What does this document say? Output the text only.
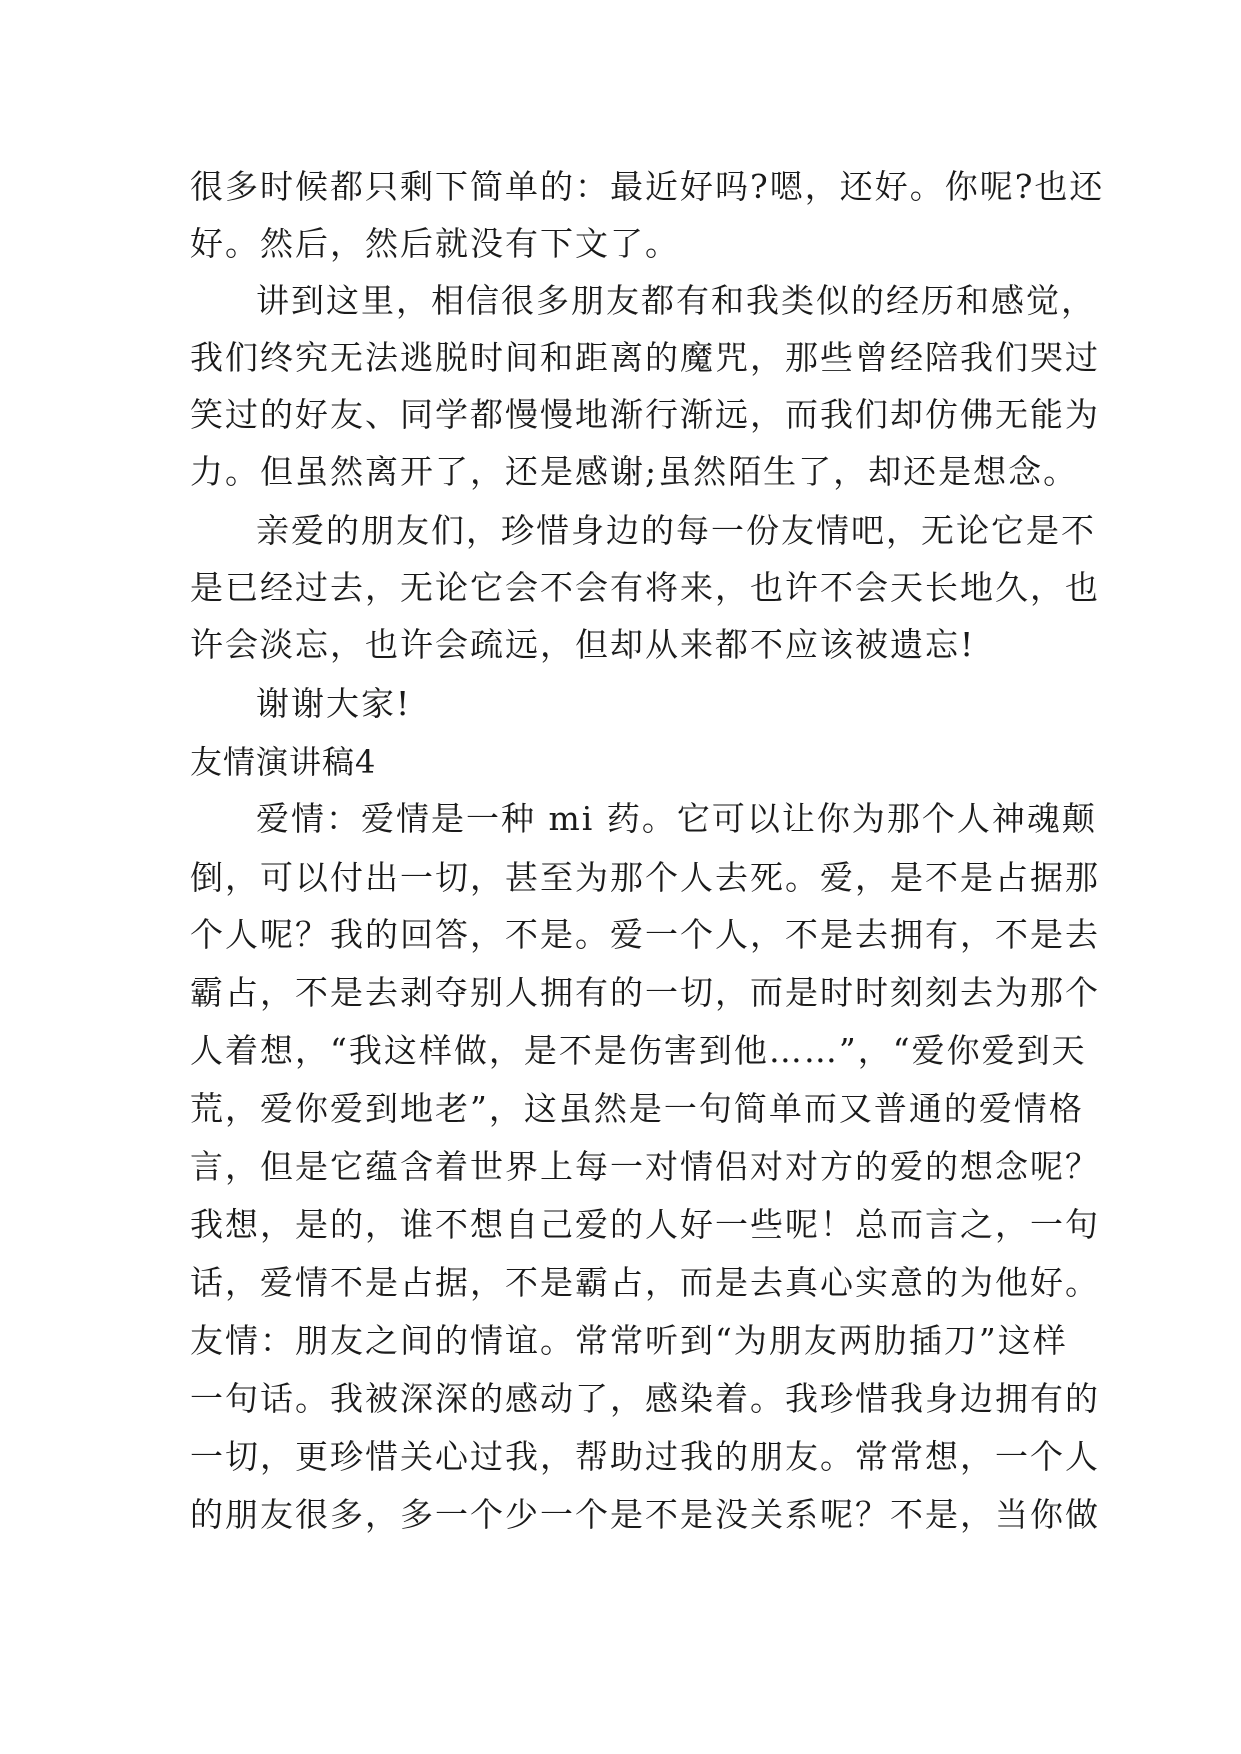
很多时候都只剩下简单的：最近好吗?嗯，还好。你呢?也还
好。然后，然后就没有下文了。
讲到这里，相信很多朋友都有和我类似的经历和感觉，
我们终究无法逃脱时间和距离的魔咒，那些曾经陪我们哭过
笑过的好友、同学都慢慢地渐行渐远，而我们却仿佛无能为
力。但虽然离开了，还是感谢;虽然陌生了，却还是想念。
亲爱的朋友们，珍惜身边的每一份友情吧，无论它是不
是已经过去，无论它会不会有将来，也许不会天长地久，也
许会淡忘，也许会疏远，但却从来都不应该被遗忘!
谢谢大家!
友情演讲稿4
爱情：爱情是一种 mi 药。它可以让你为那个人神魂颠
倒，可以付出一切，甚至为那个人去死。爱，是不是占据那
个人呢？我的回答，不是。爱一个人，不是去拥有，不是去
霸占，不是去剥夺别人拥有的一切，而是时时刻刻去为那个
人着想，“我这样做，是不是伤害到他……”，“爱你爱到天
荒，爱你爱到地老”，这虽然是一句简单而又普通的爱情格
言，但是它蕴含着世界上每一对情侣对对方的爱的想念呢？
我想，是的，谁不想自己爱的人好一些呢！总而言之，一句
话，爱情不是占据，不是霸占，而是去真心实意的为他好。
友情：朋友之间的情谊。常常听到“为朋友两肋插刀”这样
一句话。我被深深的感动了，感染着。我珍惜我身边拥有的
一切，更珍惜关心过我，帮助过我的朋友。常常想，一个人
的朋友很多，多一个少一个是不是没关系呢？不是，当你做
